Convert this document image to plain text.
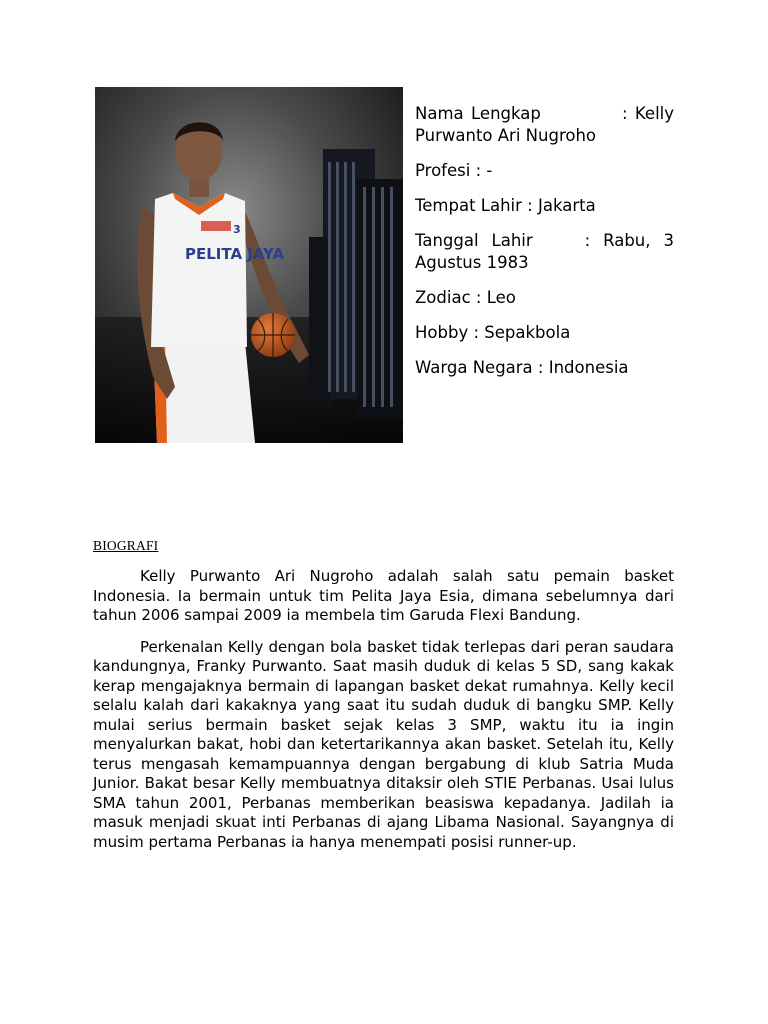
PELITA JAYA
3

Nama Lengkap           : Kelly Purwanto Ari Nugroho

Profesi : -

Tempat Lahir : Jakarta

Tanggal Lahir    : Rabu, 3 Agustus 1983

Zodiac : Leo

Hobby : Sepakbola

Warga Negara : Indonesia

BIOGRAFI

Kelly Purwanto Ari Nugroho adalah salah satu pemain basket Indonesia. Ia bermain untuk tim Pelita Jaya Esia, dimana sebelumnya dari tahun 2006 sampai 2009 ia membela tim Garuda Flexi Bandung.

Perkenalan Kelly dengan bola basket tidak terlepas dari peran saudara kandungnya, Franky Purwanto. Saat masih duduk di kelas 5 SD, sang kakak kerap mengajaknya bermain di lapangan basket dekat rumahnya. Kelly kecil selalu kalah dari kakaknya yang saat itu sudah duduk di bangku SMP. Kelly mulai serius bermain basket sejak kelas 3 SMP, waktu itu ia ingin menyalurkan bakat, hobi dan ketertarikannya akan basket. Setelah itu, Kelly terus mengasah kemampuannya dengan bergabung di klub Satria Muda Junior. Bakat besar Kelly membuatnya ditaksir oleh STIE Perbanas. Usai lulus SMA tahun 2001, Perbanas memberikan beasiswa kepadanya. Jadilah ia masuk menjadi skuat inti Perbanas di ajang Libama Nasional. Sayangnya di musim pertama Perbanas ia hanya menempati posisi runner-up.
